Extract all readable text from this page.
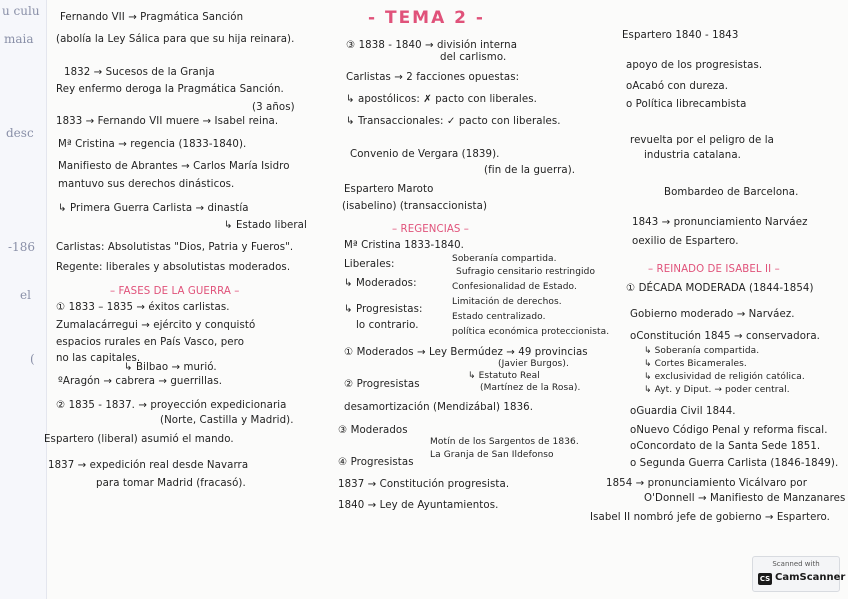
u culu
maia
desc
-186
el
(
Fernando VII → Pragmática Sanción
(abolía la Ley Sálica para que su hija reinara).
1832 → Sucesos de la Granja
Rey enfermo deroga la Pragmática Sanción.
(3 años)
1833 → Fernando VII muere → Isabel reina.
Mª Cristina → regencia (1833-1840).
Manifiesto de Abrantes → Carlos María Isidro
mantuvo sus derechos dinásticos.
↳ Primera Guerra Carlista → dinastía
↳ Estado liberal
Carlistas: Absolutistas "Dios, Patria y Fueros".
Regente: liberales y absolutistas moderados.
– FASES DE LA GUERRA –
① 1833 – 1835 → éxitos carlistas.
Zumalacárregui → ejército y conquistó
espacios rurales en País Vasco, pero
no las capitales.
↳ Bilbao → murió.
ºAragón → cabrera → guerrillas.
② 1835 - 1837. → proyección expedicionaria
(Norte, Castilla y Madrid).
Espartero (liberal) asumió el mando.
1837 → expedición real desde Navarra
para tomar Madrid (fracasó).
- TEMA 2 -
③ 1838 - 1840 → división interna
del carlismo.
Carlistas → 2 facciones opuestas:
↳ apostólicos: ✗ pacto con liberales.
↳ Transaccionales: ✓ pacto con liberales.
Convenio de Vergara (1839).
(fin de la guerra).
Espartero Maroto
(isabelino) (transaccionista)
– REGENCIAS –
Mª Cristina 1833-1840.
Liberales:	Soberanía compartida.
Sufragio censitario restringido
↳ Moderados:	Confesionalidad de Estado.
Limitación de derechos.
↳ Progresistas:
Estado centralizado.
lo contrario.
política económica proteccionista.
① Moderados → Ley Bermúdez → 49 provincias
(Javier Burgos).
↳ Estatuto Real
(Martínez de la Rosa).
② Progresistas
desamortización (Mendizábal) 1836.
③ Moderados
Motín de los Sargentos de 1836.
La Granja de San Ildefonso
④ Progresistas
1837 → Constitución progresista.
1840 → Ley de Ayuntamientos.
Espartero 1840 - 1843
apoyo de los progresistas.
oAcabó con dureza.
o Política librecambista
revuelta por el peligro de la
industria catalana.
Bombardeo de Barcelona.
1843 → pronunciamiento Narváez
oexilio de Espartero.
– REINADO DE ISABEL II –
① DÉCADA MODERADA (1844-1854)
Gobierno moderado → Narváez.
oConstitución 1845 → conservadora.
↳ Soberanía compartida.
↳ Cortes Bicamerales.
↳ exclusividad de religión católica.
↳ Ayt. y Diput. → poder central.
oGuardia Civil 1844.
oNuevo Código Penal y reforma fiscal.
oConcordato de la Santa Sede 1851.
o Segunda Guerra Carlista (1846-1849).
1854 → pronunciamiento Vicálvaro por
O'Donnell → Manifiesto de Manzanares
Isabel II nombró jefe de gobierno → Espartero.
Scanned with
CS CamScanner
